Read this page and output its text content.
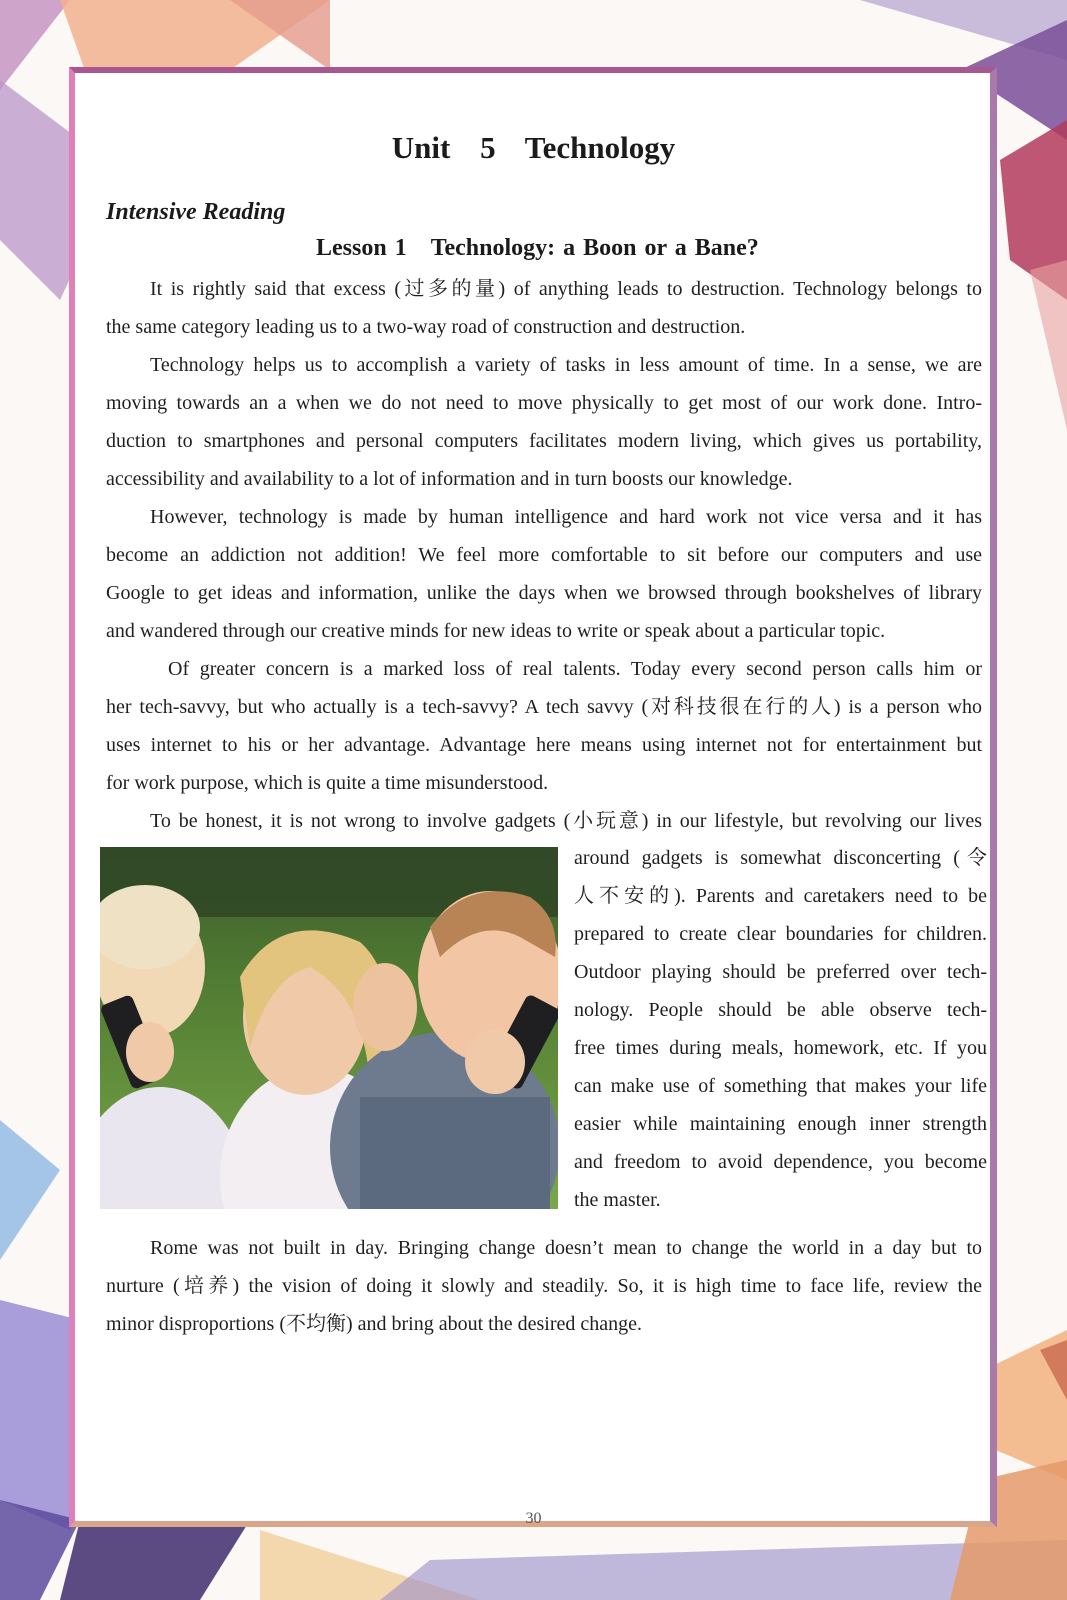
Unit 5 Technology
Intensive Reading
Lesson 1 Technology: a Boon or a Bane?
It is rightly said that excess (过多的量) of anything leads to destruction. Technology belongs to
the same category leading us to a two-way road of construction and destruction.
Technology helps us to accomplish a variety of tasks in less amount of time. In a sense, we are
moving towards an a when we do not need to move physically to get most of our work done. Intro-
duction to smartphones and personal computers facilitates modern living, which gives us portability,
accessibility and availability to a lot of information and in turn boosts our knowledge.
However, technology is made by human intelligence and hard work not vice versa and it has
become an addiction not addition! We feel more comfortable to sit before our computers and use
Google to get ideas and information, unlike the days when we browsed through bookshelves of library
and wandered through our creative minds for new ideas to write or speak about a particular topic.
Of greater concern is a marked loss of real talents. Today every second person calls him or
her tech-savvy, but who actually is a tech-savvy? A tech savvy (对科技很在行的人) is a person who
uses internet to his or her advantage. Advantage here means using internet not for entertainment but
for work purpose, which is quite a time misunderstood.
To be honest, it is not wrong to involve gadgets (小玩意) in our lifestyle, but revolving our lives
around gadgets is somewhat disconcerting (令
人不安的). Parents and caretakers need to be
prepared to create clear boundaries for children.
Outdoor playing should be preferred over tech-
nology. People should be able observe tech-
free times during meals, homework, etc. If you
can make use of something that makes your life
easier while maintaining enough inner strength
and freedom to avoid dependence, you become
the master.
Rome was not built in day. Bringing change doesn’t mean to change the world in a day but to
nurture (培养) the vision of doing it slowly and steadily. So, it is high time to face life, review the
minor disproportions (不均衡) and bring about the desired change.
30
